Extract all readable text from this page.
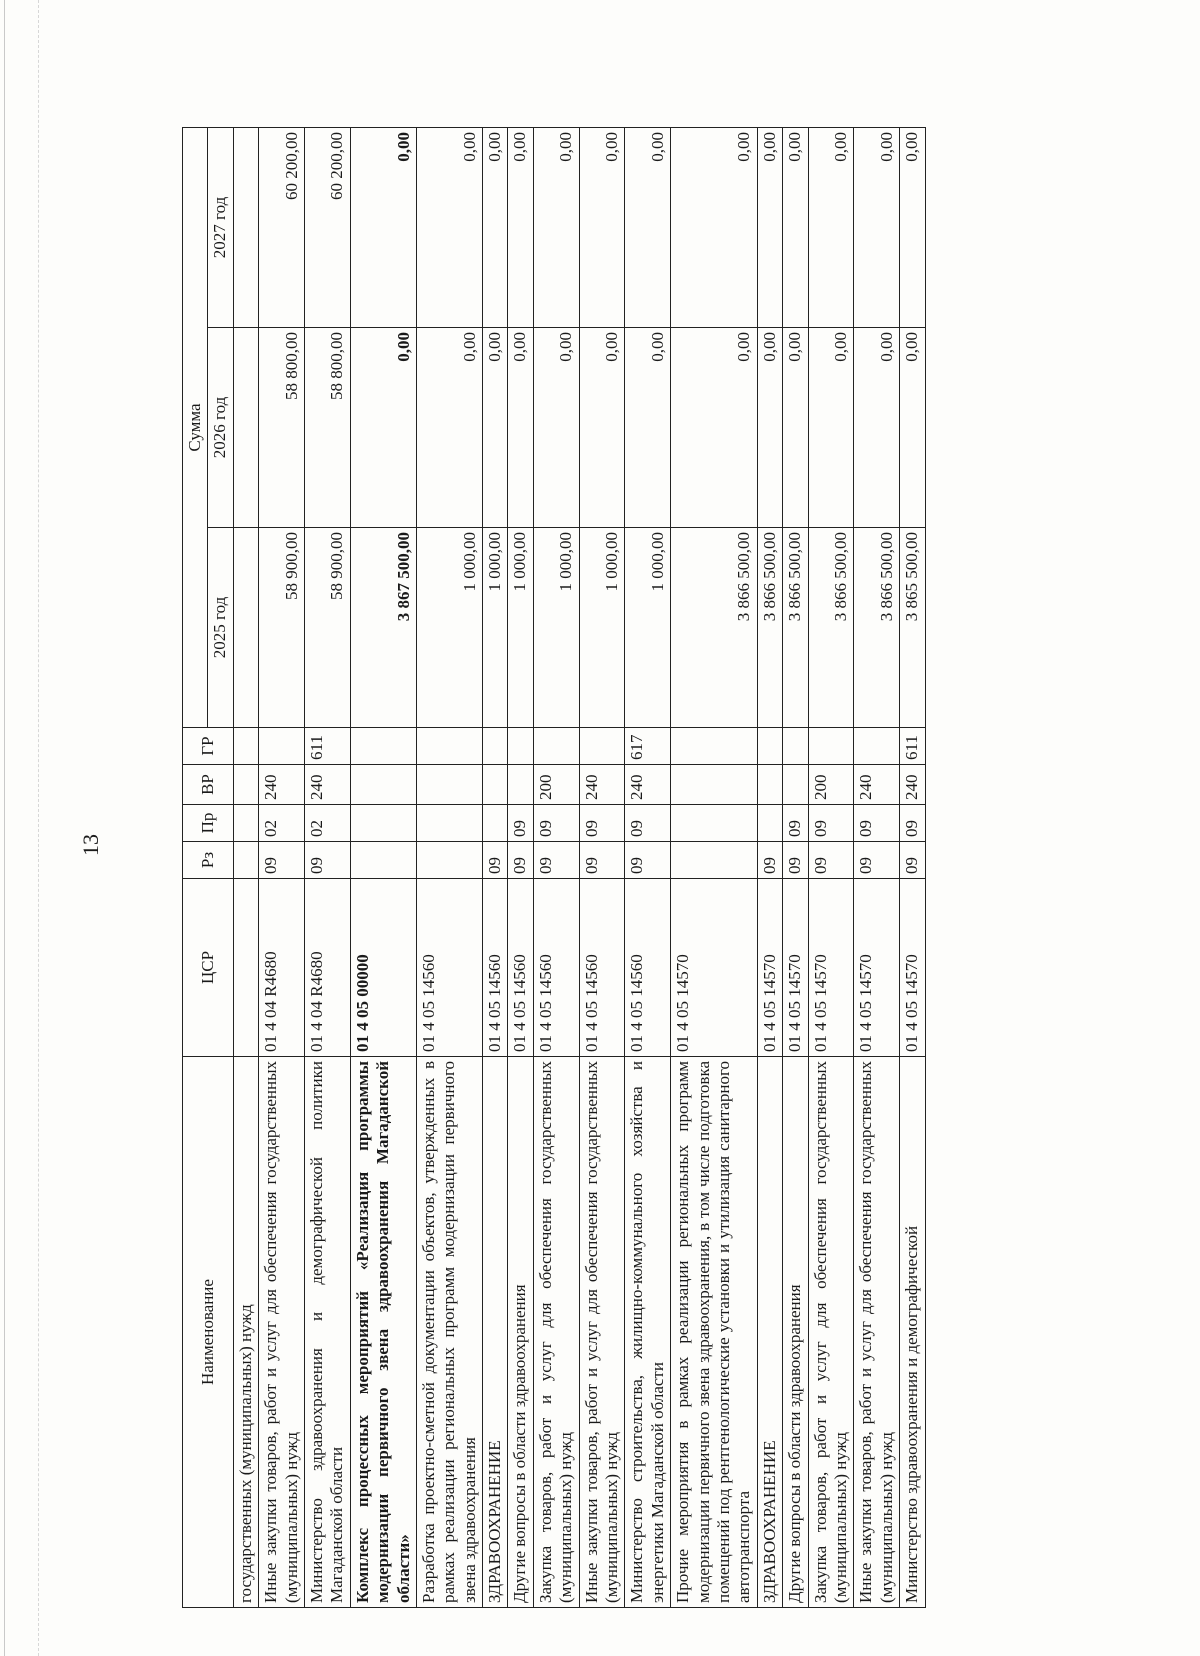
13
Наименование	ЦСР	Рз	Пр	ВР	ГР	Сумма		
						2025 год	2026 год	2027 год
государственных (муниципальных) нужд								
Иные закупки товаров, работ и услуг для обеспечения государственных (муниципальных) нужд	01 4 04 R4680	09	02	240		58 900,00	58 800,00	60 200,00
Министерство здравоохранения и демографической политики Магаданской области	01 4 04 R4680	09	02	240	611	58 900,00	58 800,00	60 200,00
Комплекс процессных мероприятий «Реализация программы модернизации первичного звена здравоохранения Магаданской области»	01 4 05 00000					3 867 500,00	0,00	0,00
Разработка проектно-сметной документации объектов, утвержденных в рамках реализации региональных программ модернизации первичного звена здравоохранения	01 4 05 14560					1 000,00	0,00	0,00
ЗДРАВООХРАНЕНИЕ	01 4 05 14560	09				1 000,00	0,00	0,00
Другие вопросы в области здравоохранения	01 4 05 14560	09	09			1 000,00	0,00	0,00
Закупка товаров, работ и услуг для обеспечения государственных (муниципальных) нужд	01 4 05 14560	09	09	200		1 000,00	0,00	0,00
Иные закупки товаров, работ и услуг для обеспечения государственных (муниципальных) нужд	01 4 05 14560	09	09	240		1 000,00	0,00	0,00
Министерство строительства, жилищно-коммунального хозяйства и энергетики Магаданской области	01 4 05 14560	09	09	240	617	1 000,00	0,00	0,00
Прочие мероприятия в рамках реализации региональных программ модернизации первичного звена здравоохранения, в том числе подготовка помещений под рентгенологические установки и утилизация санитарного автотранспорта	01 4 05 14570					3 866 500,00	0,00	0,00
ЗДРАВООХРАНЕНИЕ	01 4 05 14570	09				3 866 500,00	0,00	0,00
Другие вопросы в области здравоохранения	01 4 05 14570	09	09			3 866 500,00	0,00	0,00
Закупка товаров, работ и услуг для обеспечения государственных (муниципальных) нужд	01 4 05 14570	09	09	200		3 866 500,00	0,00	0,00
Иные закупки товаров, работ и услуг для обеспечения государственных (муниципальных) нужд	01 4 05 14570	09	09	240		3 866 500,00	0,00	0,00
Министерство здравоохранения и демографической	01 4 05 14570	09	09	240	611	3 865 500,00	0,00	0,00
